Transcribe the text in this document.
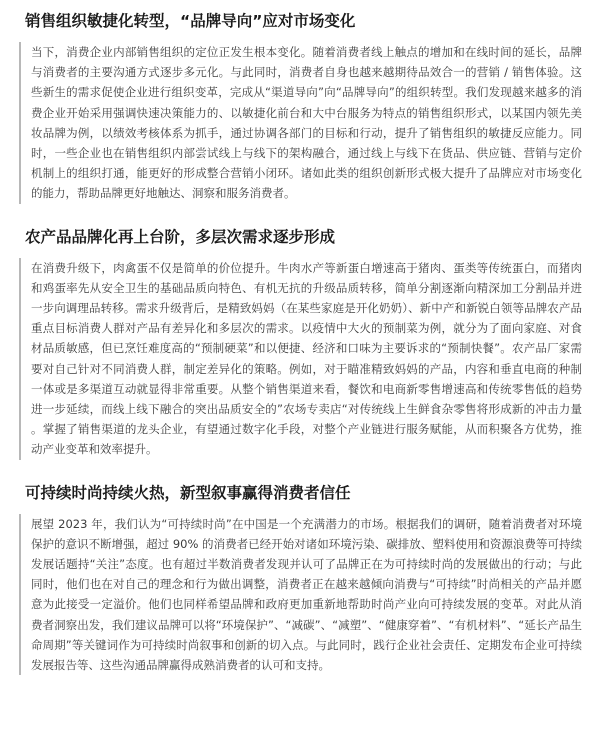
销售组织敏捷化转型，“品牌导向”应对市场变化

当下，消费企业内部销售组织的定位正发生根本变化。随着消费者线上触点的增加和在线时间的延长，品牌与消费者的主要沟通方式逐步多元化。与此同时，消费者自身也越来越期待品效合一的营销 / 销售体验。这些新生的需求促使企业进行组织变革，完成从“渠道导向”向“品牌导向”的组织转型。我们发现越来越多的消费企业开始采用强调快速决策能力的、以敏捷化前台和大中台服务为特点的销售组织形式，以某国内领先美妆品牌为例，以绩效考核体系为抓手，通过协调各部门的目标和行动，提升了销售组织的敏捷反应能力。同时，一些企业也在销售组织内部尝试线上与线下的架构融合，通过线上与线下在货品、供应链、营销与定价机制上的组织打通，能更好的形成整合营销小闭环。诸如此类的组织创新形式极大提升了品牌应对市场变化的能力，帮助品牌更好地触达、洞察和服务消费者。

农产品品牌化再上台阶，多层次需求逐步形成

在消费升级下，肉禽蛋不仅是简单的价位提升。牛肉水产等新蛋白增速高于猪肉、蛋类等传统蛋白，而猪肉和鸡蛋率先从安全卫生的基础品质向特色、有机无抗的升级品质转移，简单分割逐渐向精深加工分割品并进一步向调理品转移。需求升级背后，是精致妈妈（在某些家庭是开化奶奶）、新中产和新锐白领等品牌农产品重点目标消费人群对产品有差异化和多层次的需求。以疫情中大火的预制菜为例，就分为了面向家庭、对食材品质敏感，但已烹饪难度高的“预制硬菜”和以便捷、经济和口味为主要诉求的“预制快餐”。农产品厂家需要对自己针对不同消费人群，制定差异化的策略。例如，对于瞄准精致妈妈的产品，内容和垂直电商的种制一体或是多渠道互动就显得非常重要。从整个销售渠道来看，餐饮和电商新零售增速高和传统零售低的趋势进一步延续，而线上线下融合的突出品质安全的”农场专卖店“对传统线上生鲜食杂零售将形成新的冲击力量 。掌握了销售渠道的龙头企业，有望通过数字化手段，对整个产业链进行服务赋能，从而积聚各方优势，推动产业变革和效率提升。

可持续时尚持续火热，新型叙事赢得消费者信任

展望 2023 年，我们认为“可持续时尚”在中国是一个充满潜力的市场。根据我们的调研，随着消费者对环境保护的意识不断增强，超过 90% 的消费者已经开始对诸如环境污染、碳排放、塑料使用和资源浪费等可持续发展话题持“关注”态度。也有超过半数消费者发现并认可了品牌正在为可持续时尚的发展做出的行动；与此同时，他们也在对自己的理念和行为做出调整，消费者正在越来越倾向消费与“可持续”时尚相关的产品并愿意为此接受一定溢价。他们也同样希望品牌和政府更加重新地帮助时尚产业向可持续发展的变革。对此从消费者洞察出发，我们建议品牌可以将“环境保护”、“减碳”、“减塑”、“健康穿着”、“有机材料”、“延长产品生命周期”等关键词作为可持续时尚叙事和创新的切入点。与此同时，践行企业社会责任、定期发布企业可持续发展报告等、这些沟通品牌赢得成熟消费者的认可和支持。
